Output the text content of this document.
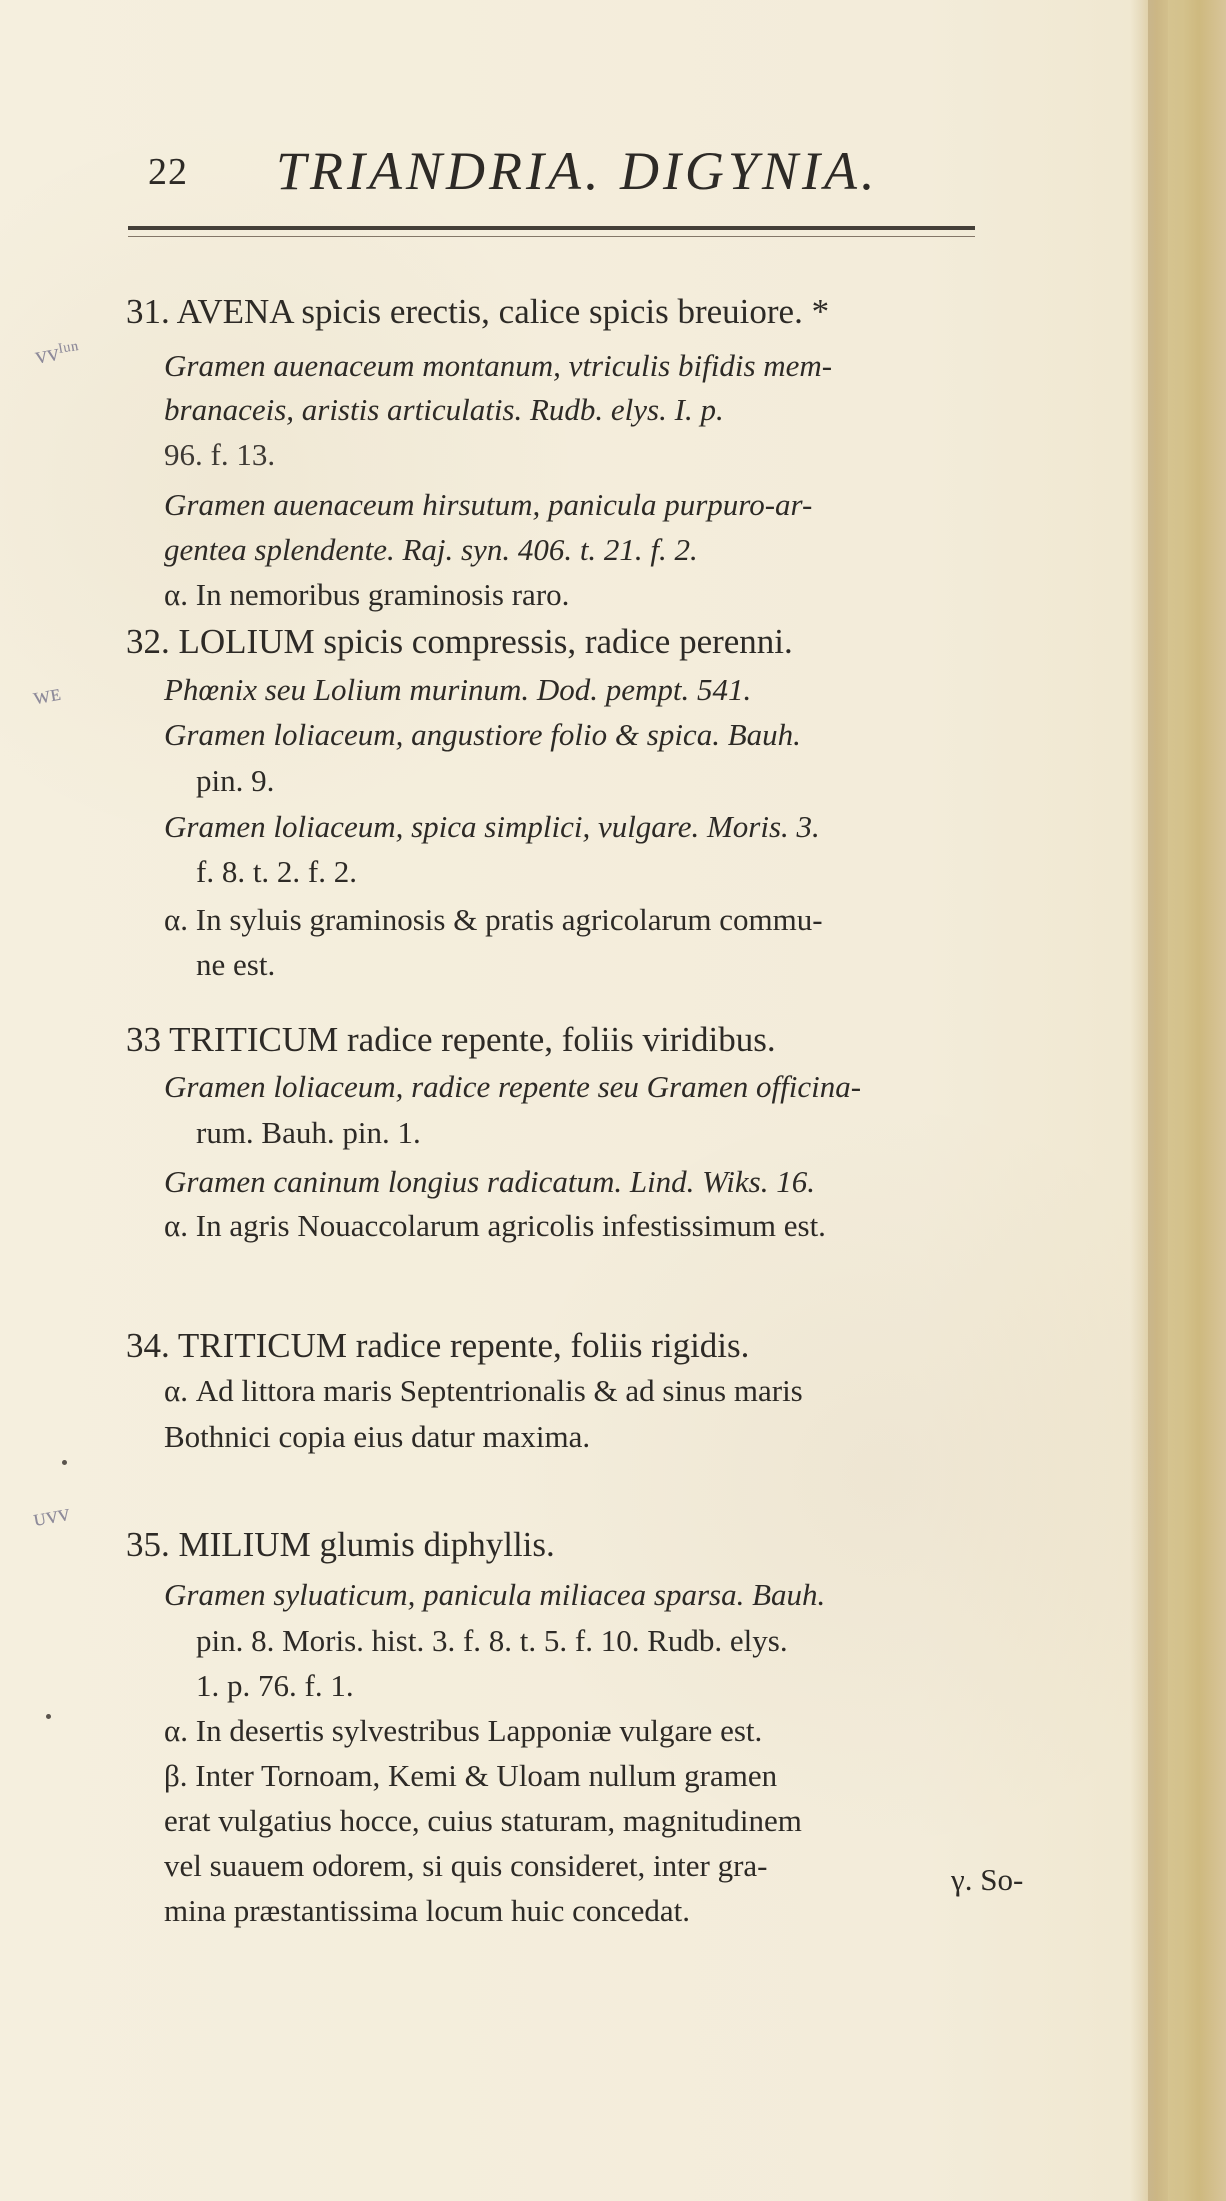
22 TRIANDRIA. DIGYNIA.
31. AVENA spicis erectis, calice spicis breuiore. *
Gramen auenaceum montanum, vtriculis bifidis mem-
branaceis, aristis articulatis. Rudb. elys. I. p.
96. f. 13.
Gramen auenaceum hirsutum, panicula purpuro-ar-
gentea splendente. Raj. syn. 406. t. 21. f. 2.
α. In nemoribus graminosis raro.
32. LOLIUM spicis compressis, radice perenni.
Phœnix seu Lolium murinum. Dod. pempt. 541.
Gramen loliaceum, angustiore folio & spica. Bauh.
pin. 9.
Gramen loliaceum, spica simplici, vulgare. Moris. 3.
f. 8. t. 2. f. 2.
α. In syluis graminosis & pratis agricolarum commu-
ne est.
33 TRITICUM radice repente, foliis viridibus.
Gramen loliaceum, radice repente seu Gramen officina-
rum. Bauh. pin. 1.
Gramen caninum longius radicatum. Lind. Wiks. 16.
α. In agris Nouaccolarum agricolis infestissimum est.
34. TRITICUM radice repente, foliis rigidis.
α. Ad littora maris Septentrionalis & ad sinus maris
Bothnici copia eius datur maxima.
35. MILIUM glumis diphyllis.
Gramen syluaticum, panicula miliacea sparsa. Bauh.
pin. 8. Moris. hist. 3. f. 8. t. 5. f. 10. Rudb. elys.
1. p. 76. f. 1.
α. In desertis sylvestribus Lapponiæ vulgare est.
β. Inter Tornoam, Kemi & Uloam nullum gramen
erat vulgatius hocce, cuius staturam, magnitudinem
vel suauem odorem, si quis consideret, inter gra-
mina præstantissima locum huic concedat.
γ. So-
ᴠᴠᴵᵘⁿ
ᴡᴇ
ᴜᴠᴠ
